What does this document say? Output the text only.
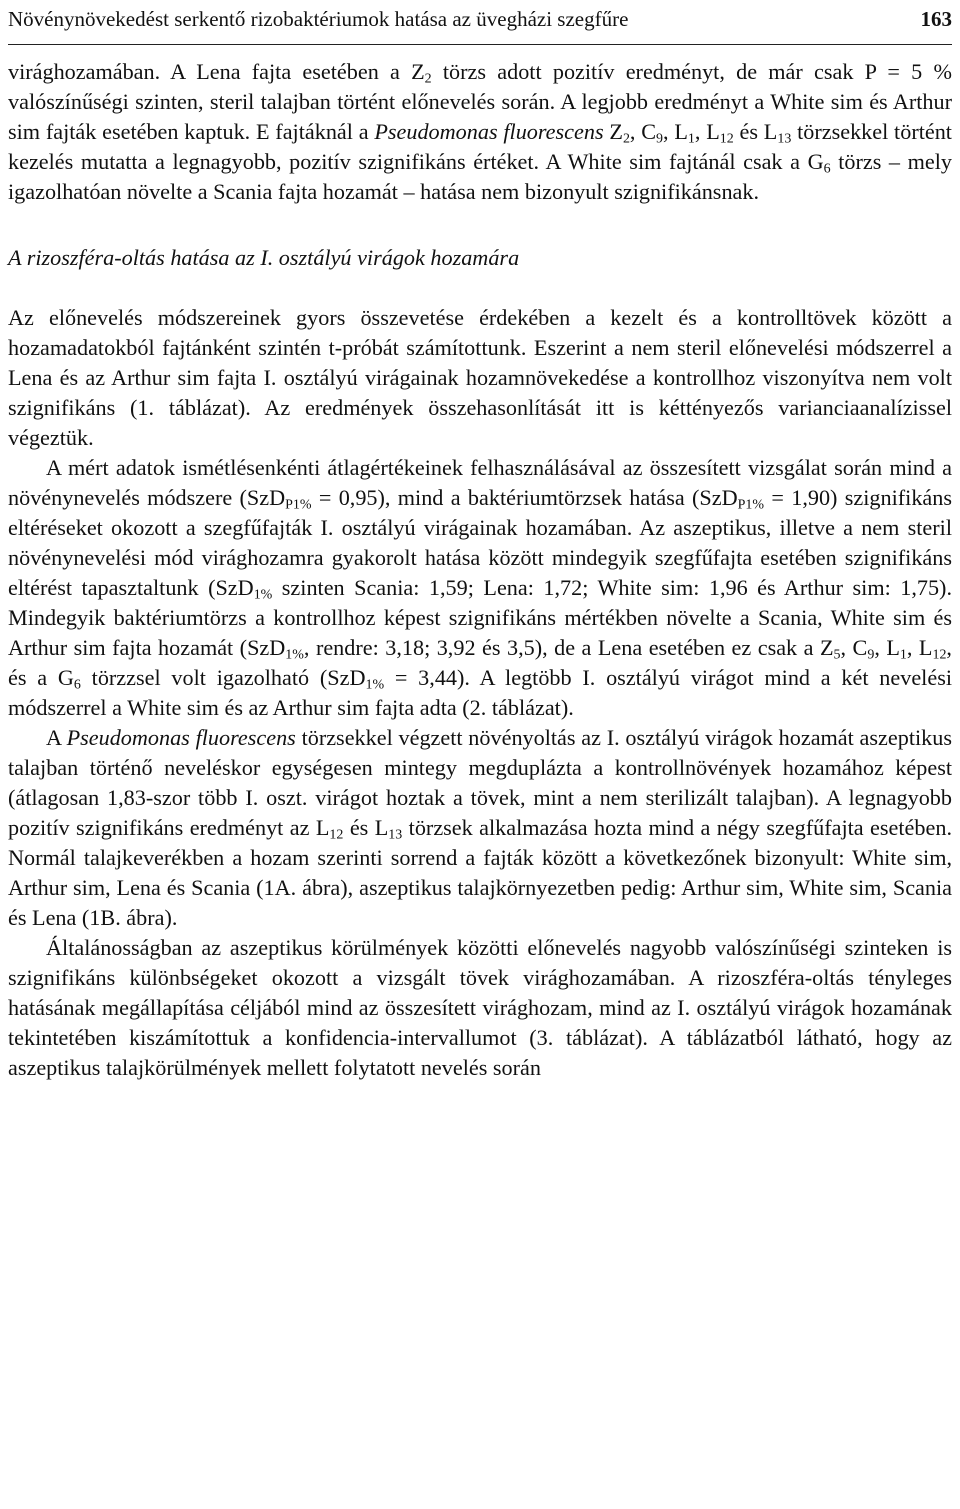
Növénynövekedést serkentő rizobaktériumok hatása az üvegházi szegfűre	163

virághozamában. A Lena fajta esetében a $Z_2$ törzs adott pozitív eredményt, de már csak P = 5 % valószínűségi szinten, steril talajban történt előnevelés során. A legjobb eredményt a White sim és Arthur sim fajták esetében kaptuk. E fajtáknál a Pseudomonas fluorescens $Z_2$, $C_9$, $L_1$, $L_{12}$ és $L_{13}$ törzsekkel történt kezelés mutatta a legnagyobb, pozitív szignifikáns értéket. A White sim fajtánál csak a $G_6$ törzs – mely igazolhatóan növelte a Scania fajta hozamát – hatása nem bizonyult szignifikánsnak.

A rizoszféra-oltás hatása az I. osztályú virágok hozamára

Az előnevelés módszereinek gyors összevetése érdekében a kezelt és a kontrolltövek között a hozamadatokból fajtánként szintén t-próbát számítottunk. Eszerint a nem steril előnevelési módszerrel a Lena és az Arthur sim fajta I. osztályú virágainak hozamnövekedése a kontrollhoz viszonyítva nem volt szignifikáns (1. táblázat). Az eredmények összehasonlítását itt is kéttényezős varianciaanalízissel végeztük.

A mért adatok ismétlésenkénti átlagértékeinek felhasználásával az összesített vizsgálat során mind a növénynevelés módszere (SzD$_{P1\%}$ = 0,95), mind a baktériumtörzsek hatása (SzD$_{P1\%}$ = 1,90) szignifikáns eltéréseket okozott a szegfűfajták I. osztályú virágainak hozamában. Az aszeptikus, illetve a nem steril növénynevelési mód virághozamra gyakorolt hatása között mindegyik szegfűfajta esetében szignifikáns eltérést tapasztaltunk (SzD$_{1\%}$ szinten Scania: 1,59; Lena: 1,72; White sim: 1,96 és Arthur sim: 1,75). Mindegyik baktériumtörzs a kontrollhoz képest szignifikáns mértékben növelte a Scania, White sim és Arthur sim fajta hozamát (SzD$_{1\%}$, rendre: 3,18; 3,92 és 3,5), de a Lena esetében ez csak a $Z_5$, $C_9$, $L_1$, $L_{12}$, és a $G_6$ törzzsel volt igazolható (SzD$_{1\%}$ = 3,44). A legtöbb I. osztályú virágot mind a két nevelési módszerrel a White sim és az Arthur sim fajta adta (2. táblázat).

A Pseudomonas fluorescens törzsekkel végzett növényoltás az I. osztályú virágok hozamát aszeptikus talajban történő neveléskor egységesen mintegy megduplázta a kontrollnövények hozamához képest (átlagosan 1,83-szor több I. oszt. virágot hoztak a tövek, mint a nem sterilizált talajban). A legnagyobb pozitív szignifikáns eredményt az $L_{12}$ és $L_{13}$ törzsek alkalmazása hozta mind a négy szegfűfajta esetében. Normál talajkeverékben a hozam szerinti sorrend a fajták között a következőnek bizonyult: White sim, Arthur sim, Lena és Scania (1A. ábra), aszeptikus talajkörnyezetben pedig: Arthur sim, White sim, Scania és Lena (1B. ábra).

Általánosságban az aszeptikus körülmények közötti előnevelés nagyobb valószínűségi szinteken is szignifikáns különbségeket okozott a vizsgált tövek virághozamában. A rizoszféra-oltás tényleges hatásának megállapítása céljából mind az összesített virághozam, mind az I. osztályú virágok hozamának tekintetében kiszámítottuk a konfidencia-intervallumot (3. táblázat). A táblázatból látható, hogy az aszeptikus talajkörülmények mellett folytatott nevelés során
